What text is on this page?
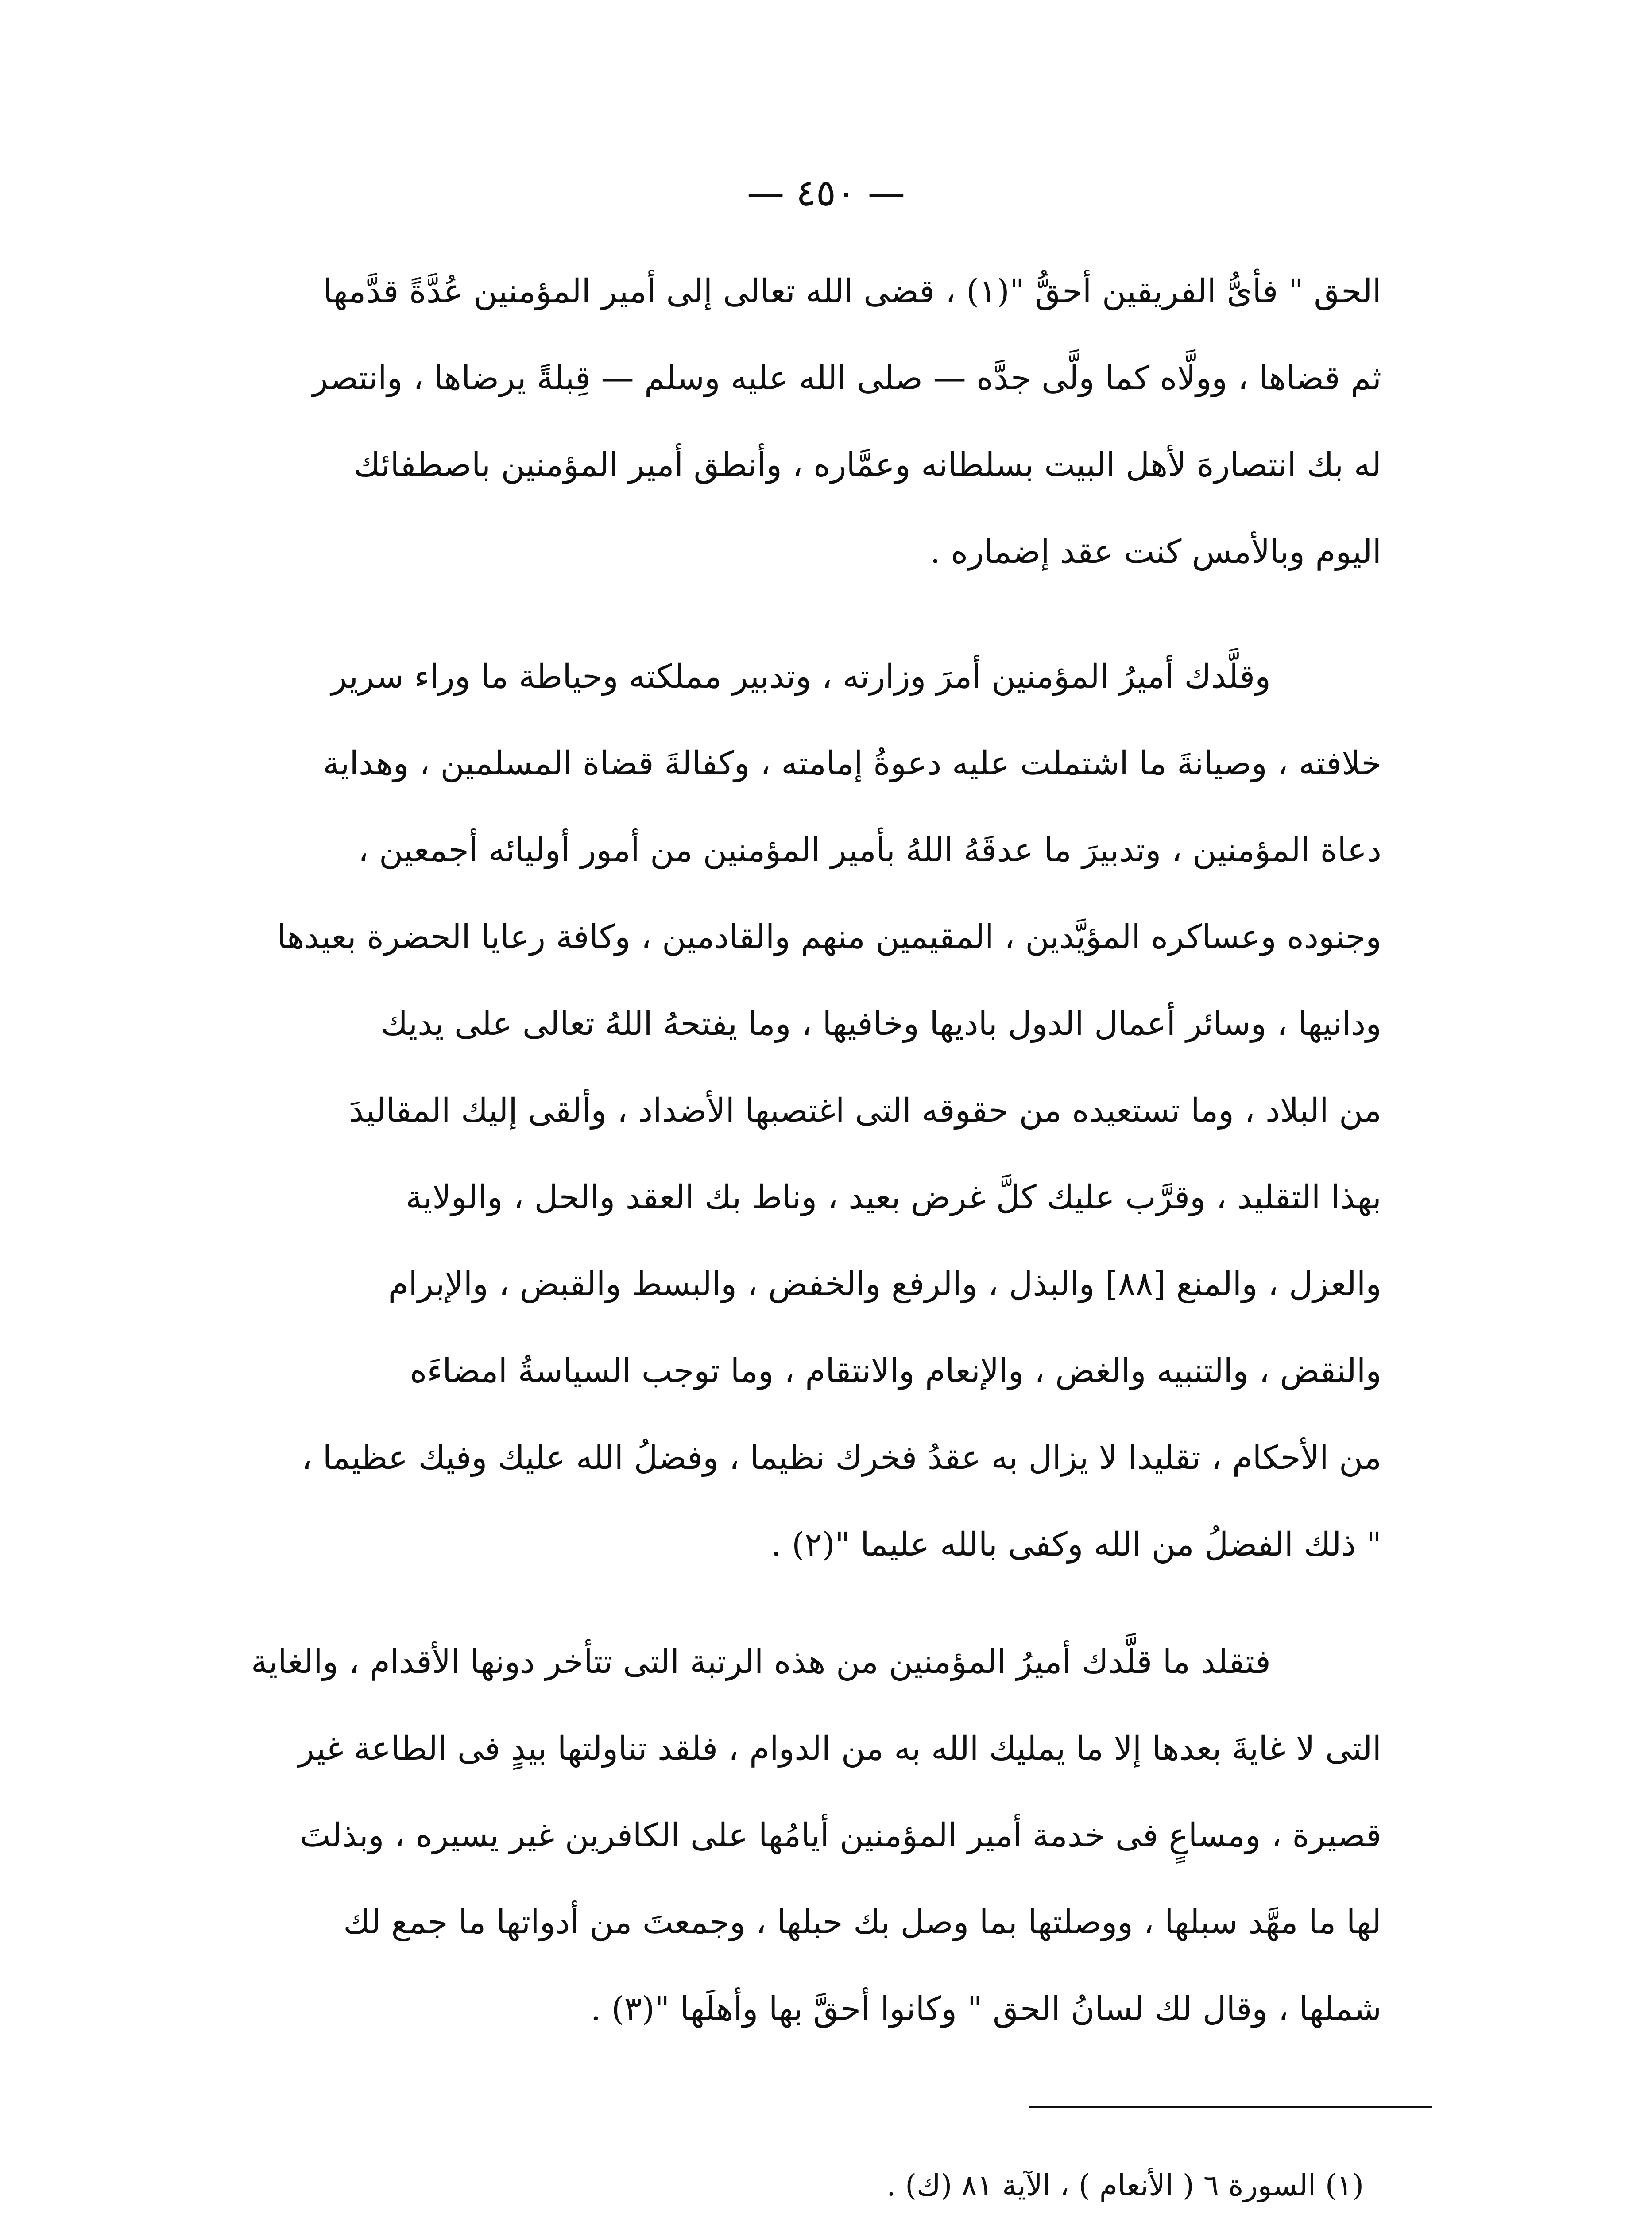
— ٤٥٠ —
الحق " فأىُّ الفريقين أحقُّ "(١) ، قضى الله تعالى إلى أمير المؤمنين عُدَّةً قدَّمها
ثم قضاها ، وولَّاه كما ولَّى جدَّه — صلى الله عليه وسلم — قِبلةً يرضاها ، وانتصر
له بك انتصارهَ لأهل البيت بسلطانه وعمَّاره ، وأنطق أمير المؤمنين باصطفائك
اليوم وبالأمس كنت عقد إضماره .
وقلَّدك أميرُ المؤمنين أمرَ وزارته ، وتدبير مملكته وحياطة ما وراء سرير
خلافته ، وصيانةَ ما اشتملت عليه دعوةُ إمامته ، وكفالةَ قضاة المسلمين ، وهداية
دعاة المؤمنين ، وتدبيرَ ما عدقَهُ اللهُ بأمير المؤمنين من أمور أوليائه أجمعين ،
وجنوده وعساكره المؤيَّدين ، المقيمين منهم والقادمين ، وكافة رعايا الحضرة بعيدها
ودانيها ، وسائر أعمال الدول باديها وخافيها ، وما يفتحهُ اللهُ تعالى على يديك
من البلاد ، وما تستعيده من حقوقه التى اغتصبها الأضداد ، وألقى إليك المقاليدَ
بهذا التقليد ، وقرَّب عليك كلَّ غرض بعيد ، وناط بك العقد والحل ، والولاية
والعزل ، والمنع [٨٨] والبذل ، والرفع والخفض ، والبسط والقبض ، والإبرام
والنقض ، والتنبيه والغض ، والإنعام والانتقام ، وما توجب السياسةُ امضاءَه
من الأحكام ، تقليدا لا يزال به عقدُ فخرك نظيما ، وفضلُ الله عليك وفيك عظيما ،
" ذلك الفضلُ من الله وكفى بالله عليما "(٢) .
فتقلد ما قلَّدك أميرُ المؤمنين من هذه الرتبة التى تتأخر دونها الأقدام ، والغاية
التى لا غايةَ بعدها إلا ما يمليك الله به من الدوام ، فلقد تناولتها بيدٍ فى الطاعة غير
قصيرة ، ومساعٍ فى خدمة أمير المؤمنين أيامُها على الكافرين غير يسيره ، وبذلتَ
لها ما مهَّد سبلها ، ووصلتها بما وصل بك حبلها ، وجمعتَ من أدواتها ما جمع لك
شملها ، وقال لك لسانُ الحق " وكانوا أحقَّ بها وأهلَها "(٣) .
(١) السورة ٦ ( الأنعام ) ، الآية ٨١ (ك) .
